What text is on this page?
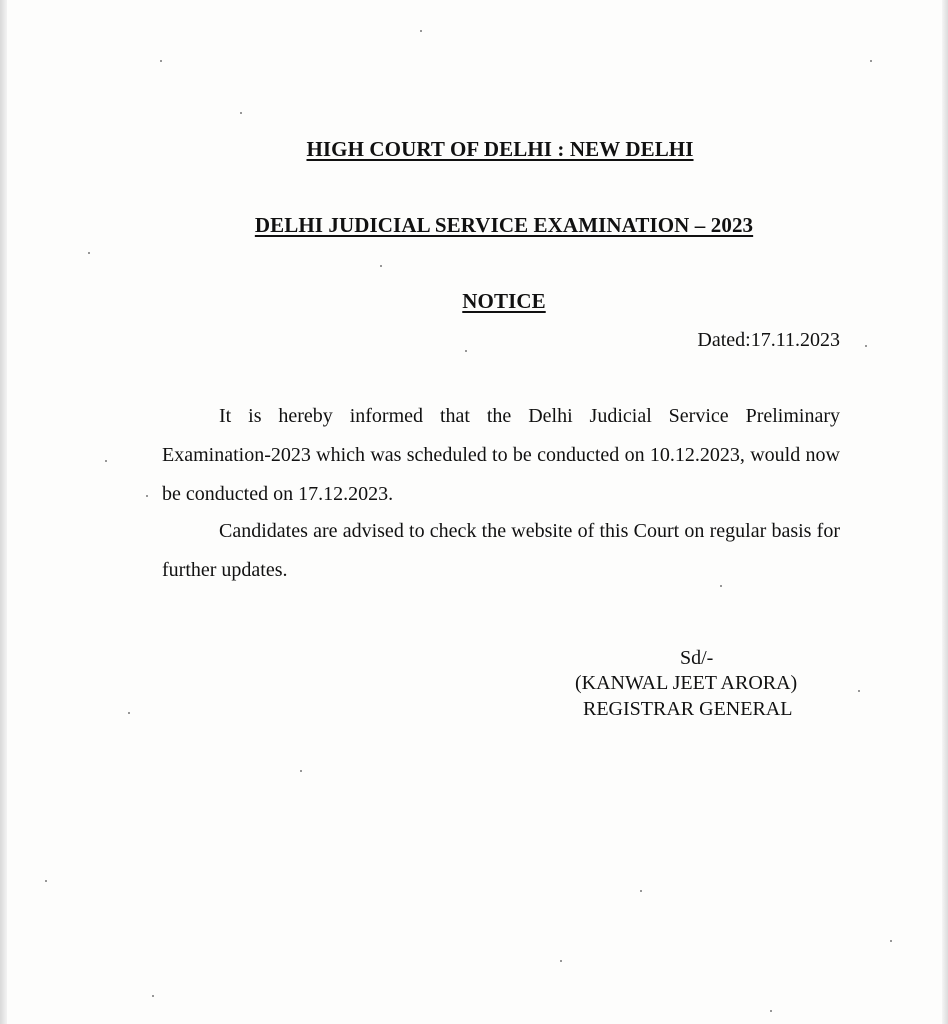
HIGH COURT OF DELHI : NEW DELHI
DELHI JUDICIAL SERVICE EXAMINATION – 2023
NOTICE
Dated:17.11.2023

It is hereby informed that the Delhi Judicial Service Preliminary Examination-2023 which was scheduled to be conducted on 10.12.2023, would now be conducted on 17.12.2023.

Candidates are advised to check the website of this Court on regular basis for further updates.

Sd/-
(KANWAL JEET ARORA)
REGISTRAR GENERAL
